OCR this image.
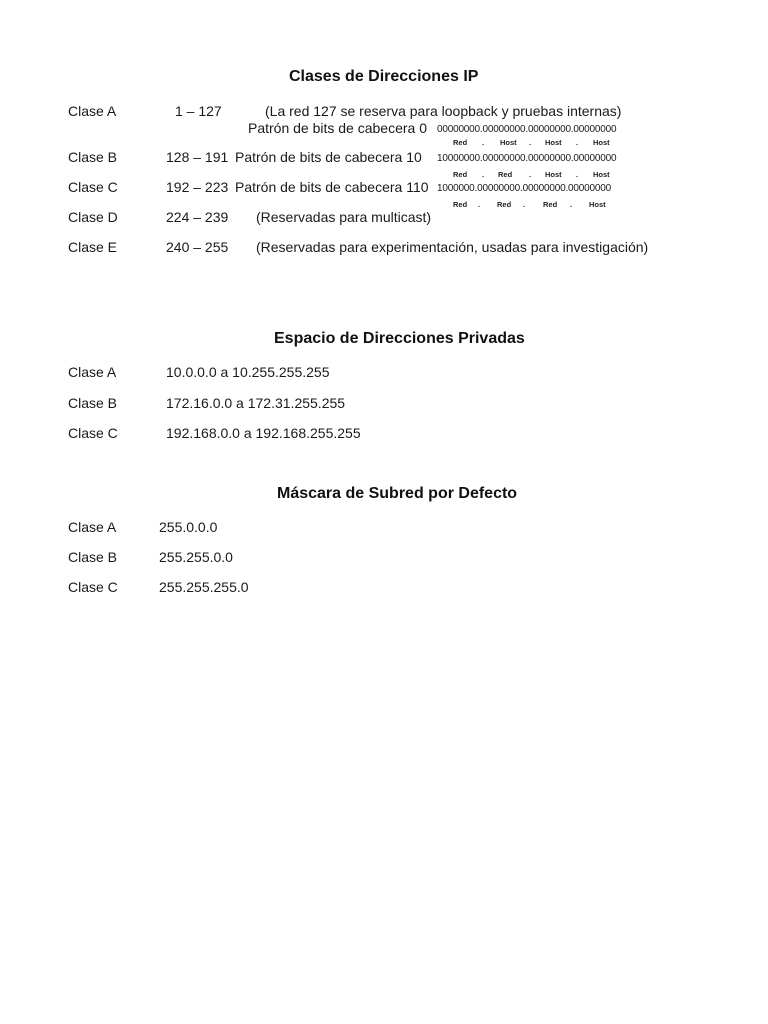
Clases de Direcciones IP
Clase A	1 – 127	(La red 127 se reserva para loopback y pruebas internas)
Patrón de bits de cabecera 0 00000000.00000000.00000000.00000000
Red . Host . Host . Host
Clase B	128 – 191 Patrón de bits de cabecera 10 10000000.00000000.00000000.00000000
Red . Red . Host . Host
Clase C	192 – 223 Patrón de bits de cabecera 110 1000000.00000000.00000000.00000000
Red . Red . Red . Host
Clase D	224 – 239 (Reservadas para multicast)
Clase E	240 – 255 (Reservadas para experimentación, usadas para investigación)
Espacio de Direcciones Privadas
Clase A	10.0.0.0 a 10.255.255.255
Clase B	172.16.0.0 a 172.31.255.255
Clase C	192.168.0.0 a 192.168.255.255
Máscara de Subred por Defecto
Clase A	255.0.0.0
Clase B	255.255.0.0
Clase C	255.255.255.0
